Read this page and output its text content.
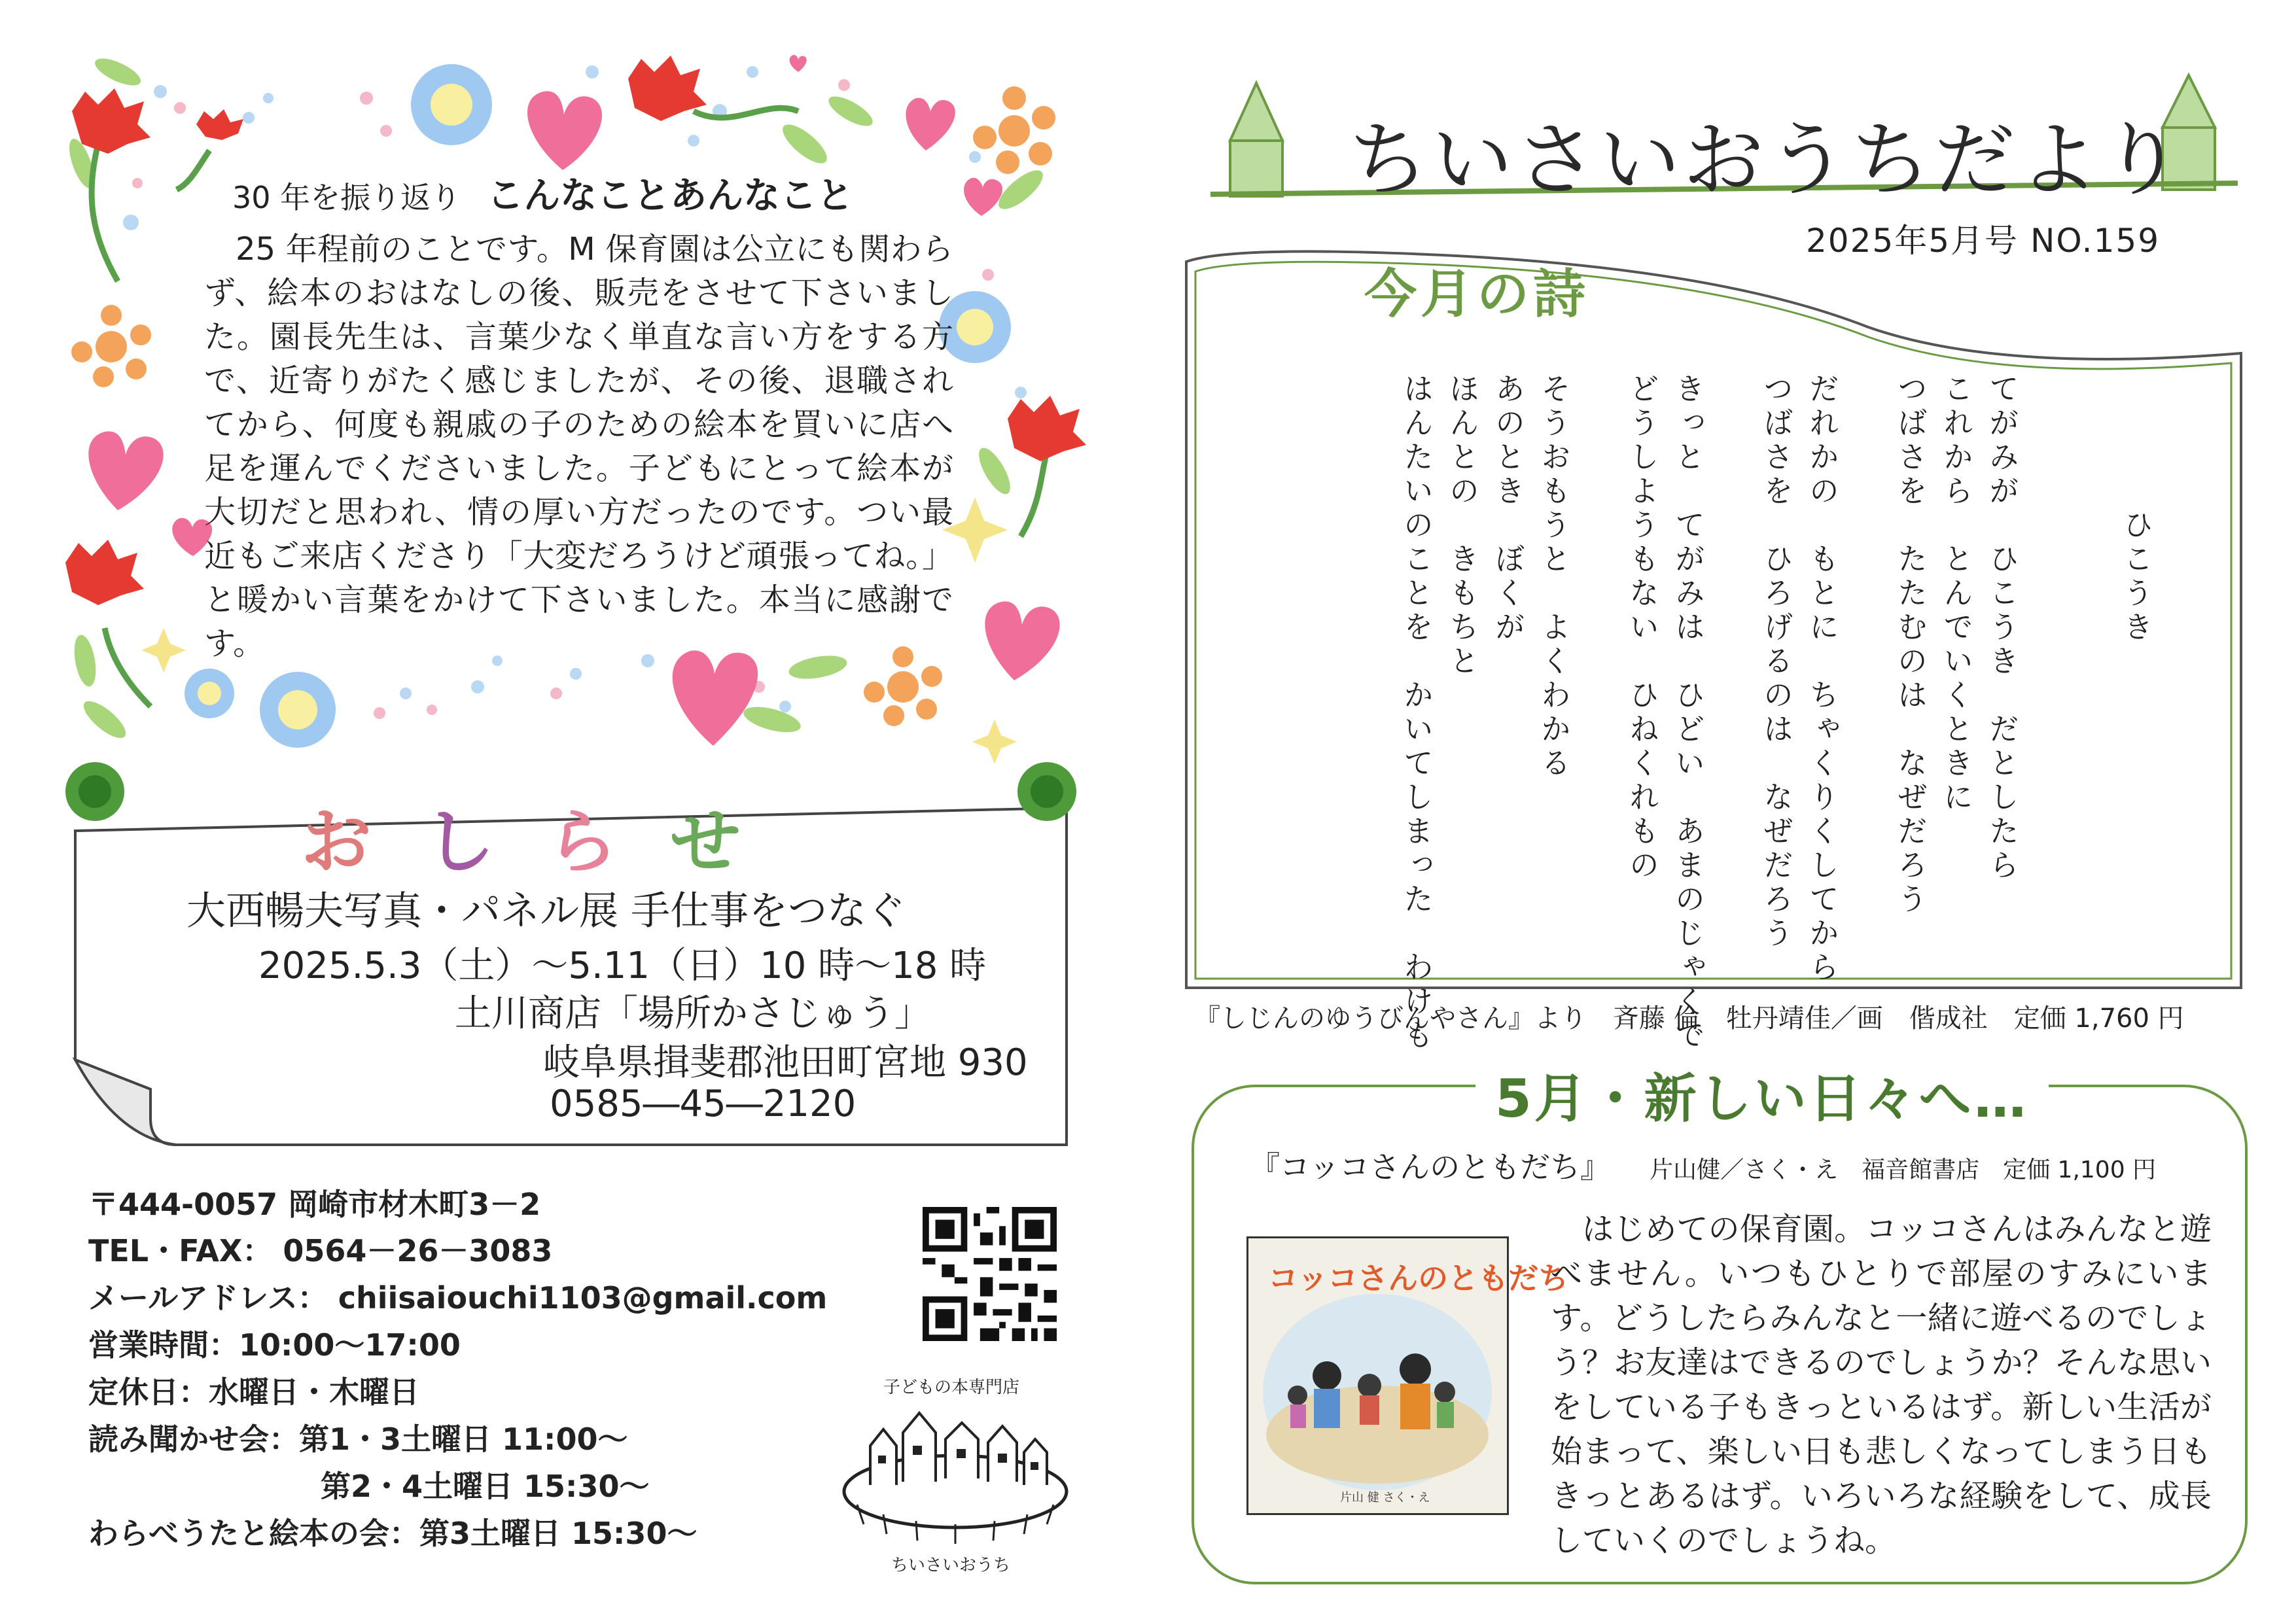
30 年を振り返り こんなことあんなこと

25 年程前のことです。M 保育園は公立にも関わらず、絵本のおはなしの後、販売をさせて下さいました。園長先生は、言葉少なく単直な言い方をする方で、近寄りがたく感じましたが、その後、退職されてから、何度も親戚の子のための絵本を買いに店へ足を運んでくださいました。子どもにとって絵本が大切だと思われ、情の厚い方だったのです。つい最近もご来店くださり「大変だろうけど頑張ってね。」と暖かい言葉をかけて下さいました。本当に感謝です。

おしらせ
大西暢夫写真・パネル展 手仕事をつなぐ
2025.5.3（土）～5.11（日）10 時～18 時
土川商店「場所かさじゅう」
岐阜県揖斐郡池田町宮地 930
0585―45―2120
〒444-0057 岡崎市材木町3－2
TEL・FAX： 0564－26－3083
メールアドレス： chiisaiouchi1103@gmail.com
営業時間：10:00～17:00
定休日：水曜日・木曜日
読み聞かせ会：第1・3土曜日 11:00～
第2・4土曜日 15:30～
わらべうたと絵本の会：第3土曜日 15:30～
子どもの本専門店
ちいさいおうち
ちいさいおうちだより
2025年5月号 NO.159
今月の詩
　　　　ひこうき
てがみが　ひこうき　だとしたら
これから　とんでいくときに
つばさを　たたむのは　なぜだろう
だれかの　もとに　ちゃくりくしてから
つばさを　ひろげるのは　なぜだろう
きっと　てがみは　ひどい　あまのじゃくで
どうしようもない　ひねくれもの
そうおもうと　よくわかる
あのとき　ぼくが
ほんとの　きもちと
はんたいのことを　かいてしまった　わけも
『しじんのゆうびんやさん』より　斉藤 倫　牡丹靖佳／画　偕成社　定価 1,760 円
5月・新しい日々へ…
『コッコさんのともだち』 片山健／さく・え　福音館書店　定価 1,100 円
コッコさんのともだち
片山 健 さく・え

はじめての保育園。コッコさんはみんなと遊べません。いつもひとりで部屋のすみにいます。どうしたらみんなと一緒に遊べるのでしょう？お友達はできるのでしょうか？そんな思いをしている子もきっといるはず。新しい生活が始まって、楽しい日も悲しくなってしまう日もきっとあるはず。いろいろな経験をして、成長していくのでしょうね。
